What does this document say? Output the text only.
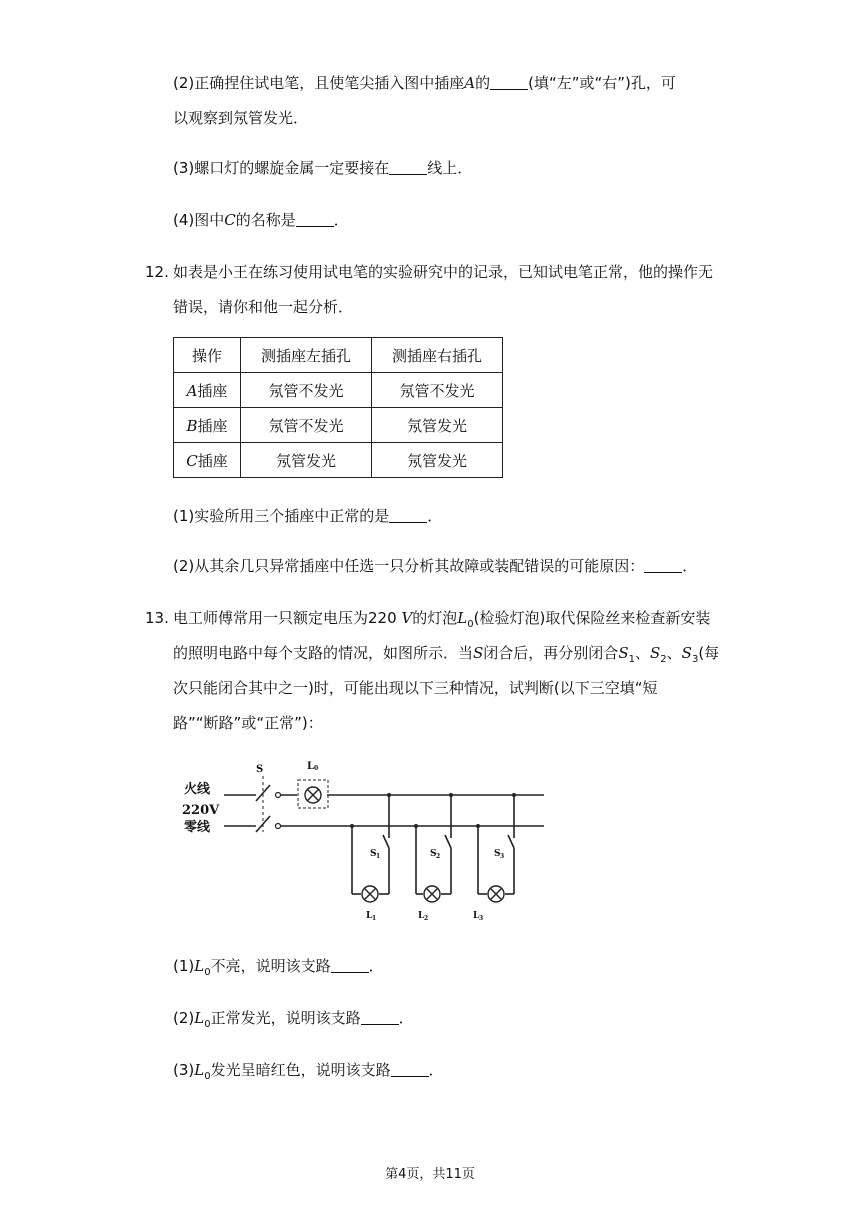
(2)正确捏住试电笔，且使笔尖插入图中插座A的	(填“左”或“右”)孔，可
以观察到氖管发光．
(3)螺口灯的螺旋金属一定要接在	线上．
(4)图中C的名称是	．
12. 如表是小王在练习使用试电笔的实验研究中的记录，已知试电笔正常，他的操作无
错误，请你和他一起分析．
操作	测插座左插孔	测插座右插孔
A插座	氖管不发光	氖管不发光
B插座	氖管不发光	氖管发光
C插座	氖管发光	氖管发光
(1)实验所用三个插座中正常的是	．
(2)从其余几只异常插座中任选一只分析其故障或装配错误的可能原因：	．
13. 电工师傅常用一只额定电压为220 V的灯泡$L_0$(检验灯泡)取代保险丝来检查新安装
的照明电路中每个支路的情况，如图所示．当S闭合后，再分别闭合$S_1$、$S_2$、$S_3$(每
次只能闭合其中之一)时，可能出现以下三种情况，试判断(以下三空填“短
路”“断路”或“正常”)：
火线
220V
零线
S	L 0
S 1	S 2	S 3
L 1	L 2	L 3
$(1)L_0$不亮，说明该支路	．
$(2)L_0$正常发光，说明该支路	．
$(3)L_0$发光呈暗红色，说明该支路	．
第4页，共11页
